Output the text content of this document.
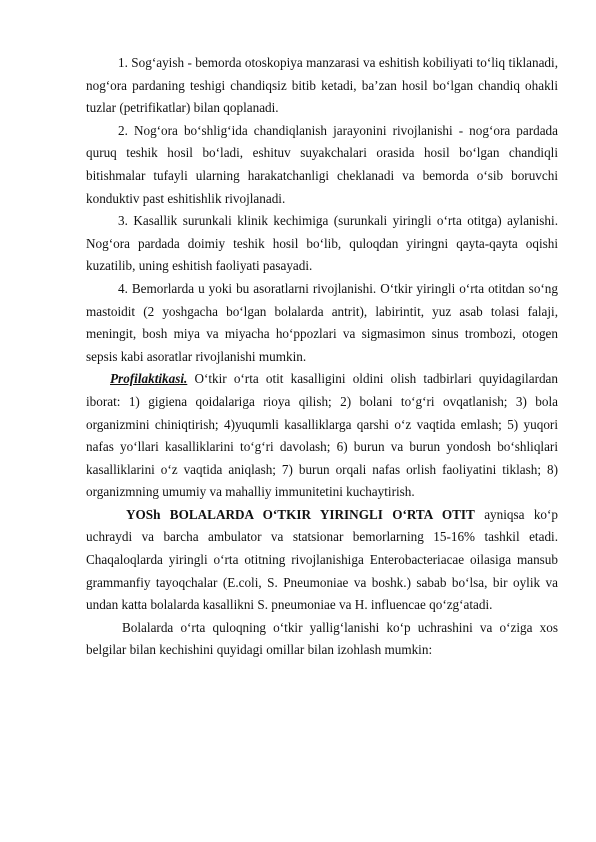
1. Sog‘ayish - bemorda otoskopiya manzarasi va eshitish kobiliyati to‘liq tiklanadi, nog‘ora pardaning teshigi chandiqsiz bitib ketadi, ba’zan hosil bo‘lgan chandiq ohakli tuzlar (petrifikatlar) bilan qoplanadi.

2. Nog‘ora bo‘shlig‘ida chandiqlanish jarayonini rivojlanishi - nog‘ora pardada quruq teshik hosil bo‘ladi, eshituv suyakchalari orasida hosil bo‘lgan chandiqli bitishmalar tufayli ularning harakatchanligi cheklanadi va bemorda o‘sib boruvchi konduktiv past eshitishlik rivojlanadi.

3. Kasallik surunkali klinik kechimiga (surunkali yiringli o‘rta otitga) aylanishi. Nog‘ora pardada doimiy teshik hosil bo‘lib, quloqdan yiringni qayta-qayta oqishi kuzatilib, uning eshitish faoliyati pasayadi.

4. Bemorlarda u yoki bu asoratlarni rivojlanishi. O‘tkir yiringli o‘rta otitdan so‘ng mastoidit (2 yoshgacha bo‘lgan bolalarda antrit), labirintit, yuz asab tolasi falaji, meningit, bosh miya va miyacha ho‘ppozlari va sigmasimon sinus trombozi, otogen sepsis kabi asoratlar rivojlanishi mumkin.

Profilaktikasi. O‘tkir o‘rta otit kasalligini oldini olish tadbirlari quyidagilardan iborat: 1) gigiena qoidalariga rioya qilish; 2) bolani to‘g‘ri ovqatlanish; 3) bola organizmini chiniqtirish; 4)yuqumli kasalliklarga qarshi o‘z vaqtida emlash; 5) yuqori nafas yo‘llari kasalliklarini to‘g‘ri davolash; 6) burun va burun yondosh bo‘shliqlari kasalliklarini o‘z vaqtida aniqlash; 7) burun orqali nafas orlish faoliyatini tiklash; 8) organizmning umumiy va mahalliy immunitetini kuchaytirish.

YOSh BOLALARDA O‘TKIR YIRINGLI O‘RTA OTIT ayniqsa ko‘p uchraydi va barcha ambulator va statsionar bemorlarning 15-16% tashkil etadi. Chaqaloqlarda yiringli o‘rta otitning rivojlanishiga Enterobacteriacae oilasiga mansub grammanfiy tayoqchalar (E.coli, S. Pneumoniae va boshk.) sabab bo‘lsa, bir oylik va undan katta bolalarda kasallikni S. pneumoniae va H. influencae qo‘zg‘atadi.

Bolalarda o‘rta quloqning o‘tkir yallig‘lanishi ko‘p uchrashini va o‘ziga xos belgilar bilan kechishini quyidagi omillar bilan izohlash mumkin:
